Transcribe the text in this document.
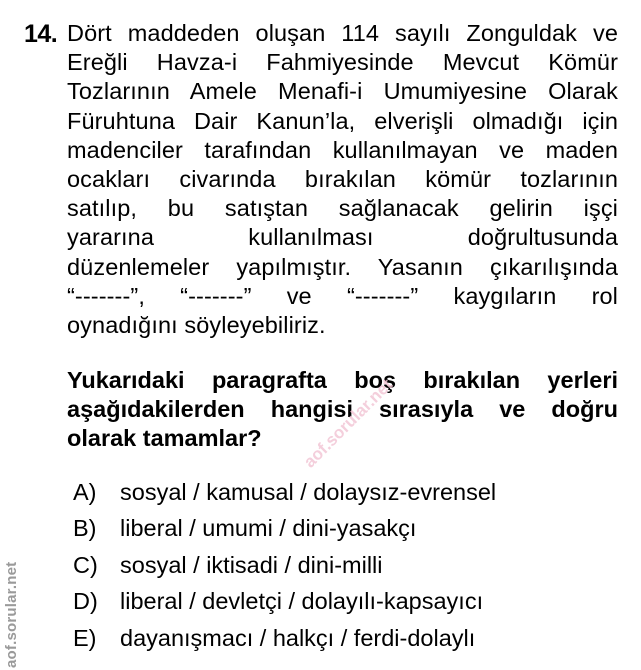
14. Dört maddeden oluşan 114 sayılı Zonguldak ve
Ereğli Havza-i Fahmiyesinde Mevcut Kömür
Tozlarının Amele Menafi-i Umumiyesine Olarak
Füruhtuna Dair Kanun’la, elverişli olmadığı için
madenciler tarafından kullanılmayan ve maden
ocakları civarında bırakılan kömür tozlarının
satılıp, bu satıştan sağlanacak gelirin işçi
yararına kullanılması doğrultusunda
düzenlemeler yapılmıştır. Yasanın çıkarılışında
“-------”, “-------” ve “-------” kaygıların rol
oynadığını söyleyebiliriz.
Yukarıdaki paragrafta boş bırakılan yerleri
aşağıdakilerden hangisi sırasıyla ve doğru
olarak tamamlar?
A)	sosyal / kamusal / dolaysız-evrensel
B)	liberal / umumi / dini-yasakçı
C) sosyal / iktisadi / dini-milli
D) liberal / devletçi / dolayılı-kapsayıcı
E)	dayanışmacı / halkçı / ferdi-dolaylı
aof.sorular.net
aof.sorular.net
